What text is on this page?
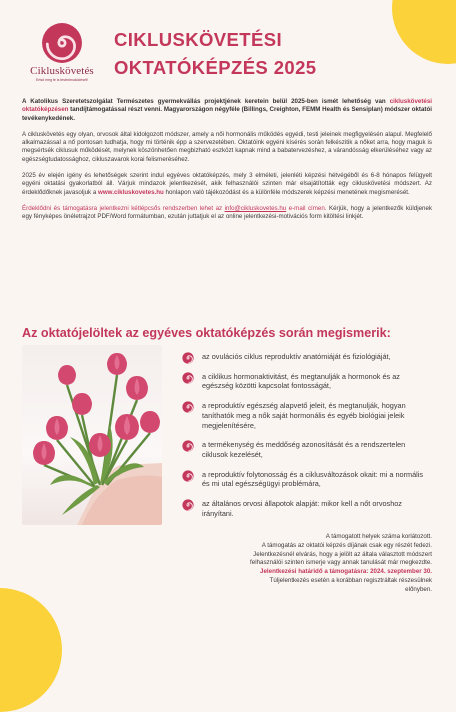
Cikluskövetés
Ertsd meg te is testedmuködését!
CIKLUSKÖVETÉSI
OKTATÓKÉPZÉS 2025

A Katolikus Szeretetszolgálat Természetes gyermekvállás projektjének keretein belül 2025-ben ismét lehetőség van cikluskövetési oktatóképzésen tandíjtámogatással részt venni. Magyarországon négyféle (Billings, Creighton, FEMM Health és Sensiplan) módszer oktatói tevékenykedének.

A cikluskövetés egy olyan, orvosok által kidolgozott módszer, amely a női hormonális működés egyédi, testi jeleinek megfigyelésén alapul. Megfelelő alkalmazással a nő pontosan tudhatja, hogy mi történik épp a szervezetében. Oktatóink egyéni kísérés során felkészitik a nőket arra, hogy maguk is megsértsék ciklusuk működését, melynek köszönhetően megbizható eszközt kapnak mind a babatervezéshez, a várandósság elkerüléséhez vagy az egészségtudatossághoz, cikluszavarok korai felismeréséhez.

2025 év elején igény és lehetőségek szerint indul egyéves oktatóképzés, mely 3 elméleti, jelenléti képzési hétvégéből és 6-8 hónapos felügyelt egyéni oktatási gyakorlatból áll. Várjuk mindazok jelentkezését, akik felhasználói szinten már elsajátították egy cikluskövetési módszert. Az érdeklődőknek javasoljuk a www.cikluskovetes.hu honlapon való tájékozódást és a különféle módszerek képzési menetének megismerését.

Érdeklődni és támogatásra jelentkezni kétlépcsős rendszerben lehet az info@cikluskovetes.hu e-mail címen. Kérjük, hogy a jelentkezők küldjenek egy fényképes önéletrajzot PDF/Word formátumban, ezután juttatjuk el az online jelentkezési-motivációs form kitöltési linkjét.

Az oktatójelöltek az egyéves oktatóképzés során megismerik:
az ovulációs ciklus reproduktív anatómiáját és fiziológiáját,
a ciklikus hormonaktivitást, és megtanulják a hormonok és az egészség közötti kapcsolat fontosságát,
a reproduktív egészség alapvető jeleit, és megtanulják, hogyan taníthatók meg a nők saját hormonális és egyéb biológiai jeleik megjelenítésére,
a termékenység és meddőség azonosítását és a rendszertelen ciklusok kezelését,
a reproduktív folytonosság és a ciklusváltozások okait: mi a normális és mi utal egészségügyi problémára,
az általános orvosi állapotok alapját: mikor kell a nőt orvoshoz irányítani.
A támogatott helyek száma korlátozott.
A támogatás az oktatói képzés díjának csak egy részét fedezi.
Jelentkezésnél elvárás, hogy a jelölt az általa választott módszert
felhasználói szinten ismerje vagy annak tanulását már megkezdte.
Jelentkezési határidő a támogatásra: 2024. szeptember 30.
Túljelentkezés esetén a korábban regisztráltak részesülnek
előnyben.
